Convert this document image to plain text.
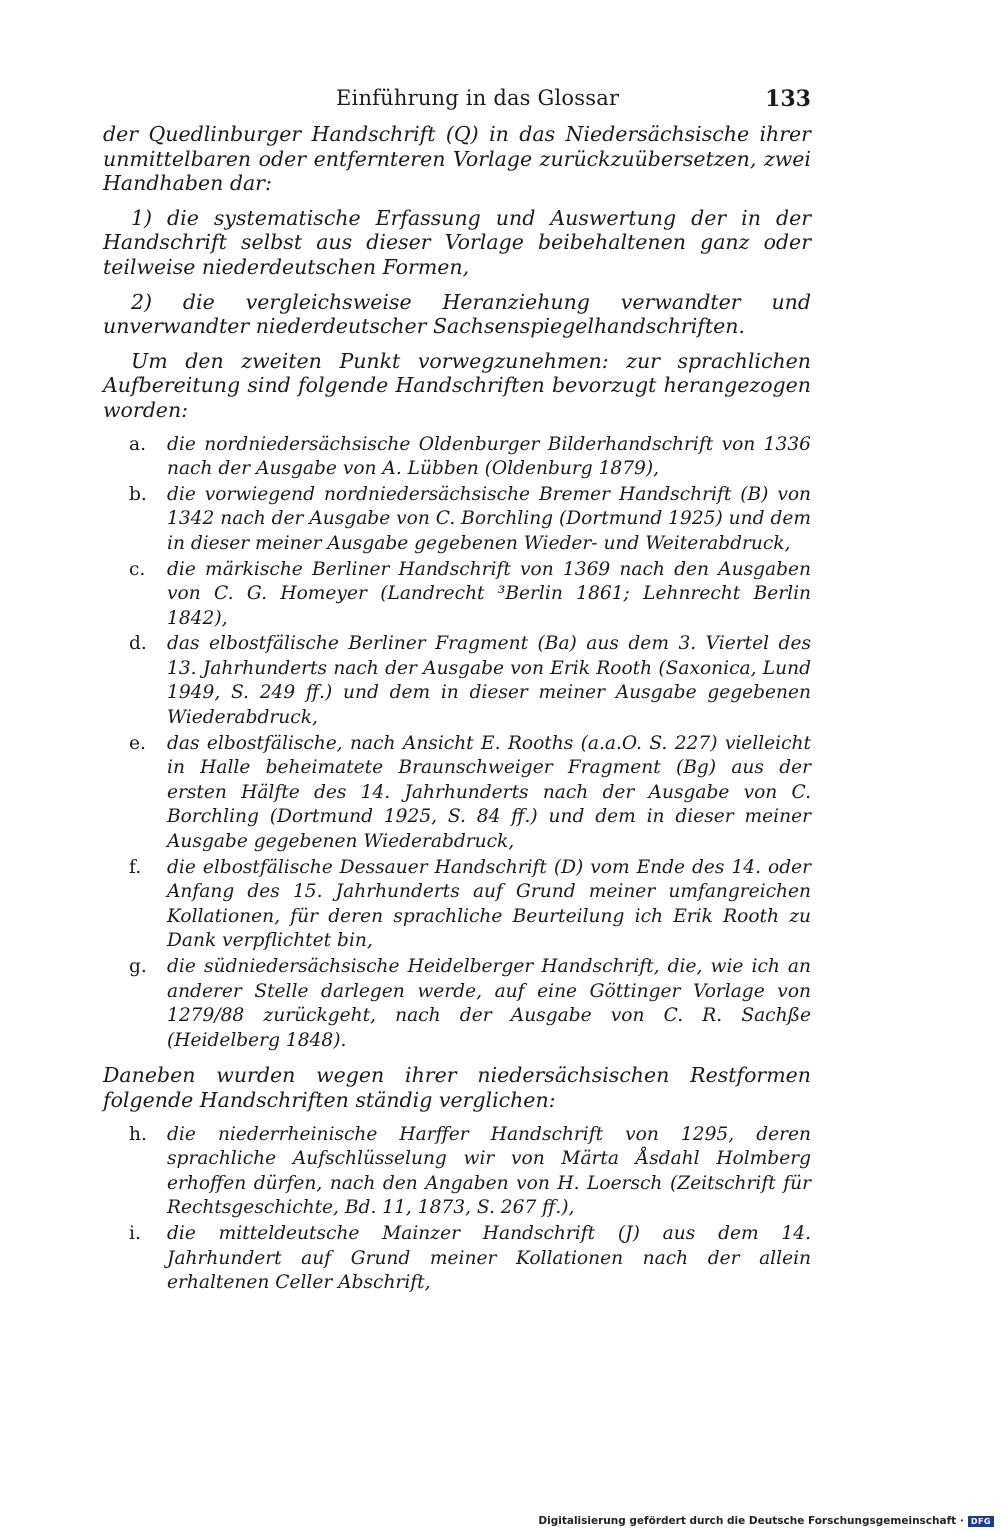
Einführung in das Glossar	133

der Quedlinburger Handschrift (Q) in das Niedersächsische ihrer unmittelbaren oder entfernteren Vorlage zurückzuübersetzen, zwei Handhaben dar:

1) die systematische Erfassung und Auswertung der in der Handschrift selbst aus dieser Vorlage beibehaltenen ganz oder teilweise niederdeutschen Formen,

2) die vergleichsweise Heranziehung verwandter und unverwandter niederdeutscher Sachsenspiegelhandschriften.

Um den zweiten Punkt vorwegzunehmen: zur sprachlichen Aufbereitung sind folgende Handschriften bevorzugt herangezogen worden:

a.	die nordniedersächsische Oldenburger Bilderhandschrift von 1336 nach der Ausgabe von A. Lübben (Oldenburg 1879),
b.	die vorwiegend nordniedersächsische Bremer Handschrift (B) von 1342 nach der Ausgabe von C. Borchling (Dortmund 1925) und dem in dieser meiner Ausgabe gegebenen Wieder- und Weiterabdruck,
c.	die märkische Berliner Handschrift von 1369 nach den Ausgaben von C. G. Homeyer (Landrecht ³Berlin 1861; Lehnrecht Berlin 1842),
d.	das elbostfälische Berliner Fragment (Ba) aus dem 3. Viertel des 13. Jahrhunderts nach der Ausgabe von Erik Rooth (Saxonica, Lund 1949, S. 249 ff.) und dem in dieser meiner Ausgabe gegebenen Wiederabdruck,
e.	das elbostfälische, nach Ansicht E. Rooths (a.a.O. S. 227) vielleicht in Halle beheimatete Braunschweiger Fragment (Bg) aus der ersten Hälfte des 14. Jahrhunderts nach der Ausgabe von C. Borchling (Dortmund 1925, S. 84 ff.) und dem in dieser meiner Ausgabe gegebenen Wiederabdruck,
f.	die elbostfälische Dessauer Handschrift (D) vom Ende des 14. oder Anfang des 15. Jahrhunderts auf Grund meiner umfangreichen Kollationen, für deren sprachliche Beurteilung ich Erik Rooth zu Dank verpflichtet bin,
g.	die südniedersächsische Heidelberger Handschrift, die, wie ich an anderer Stelle darlegen werde, auf eine Göttinger Vorlage von 1279/88 zurückgeht, nach der Ausgabe von C. R. Sachße (Heidelberg 1848).

Daneben wurden wegen ihrer niedersächsischen Restformen folgende Handschriften ständig verglichen:

h.	die niederrheinische Harffer Handschrift von 1295, deren sprachliche Aufschlüsselung wir von Märta Åsdahl Holmberg erhoffen dürfen, nach den Angaben von H. Loersch (Zeitschrift für Rechtsgeschichte, Bd. 11, 1873, S. 267 ff.),
i.	die mitteldeutsche Mainzer Handschrift (J) aus dem 14. Jahrhundert auf Grund meiner Kollationen nach der allein erhaltenen Celler Abschrift,
Digitalisierung gefördert durch die Deutsche Forschungsgemeinschaft · DFG
